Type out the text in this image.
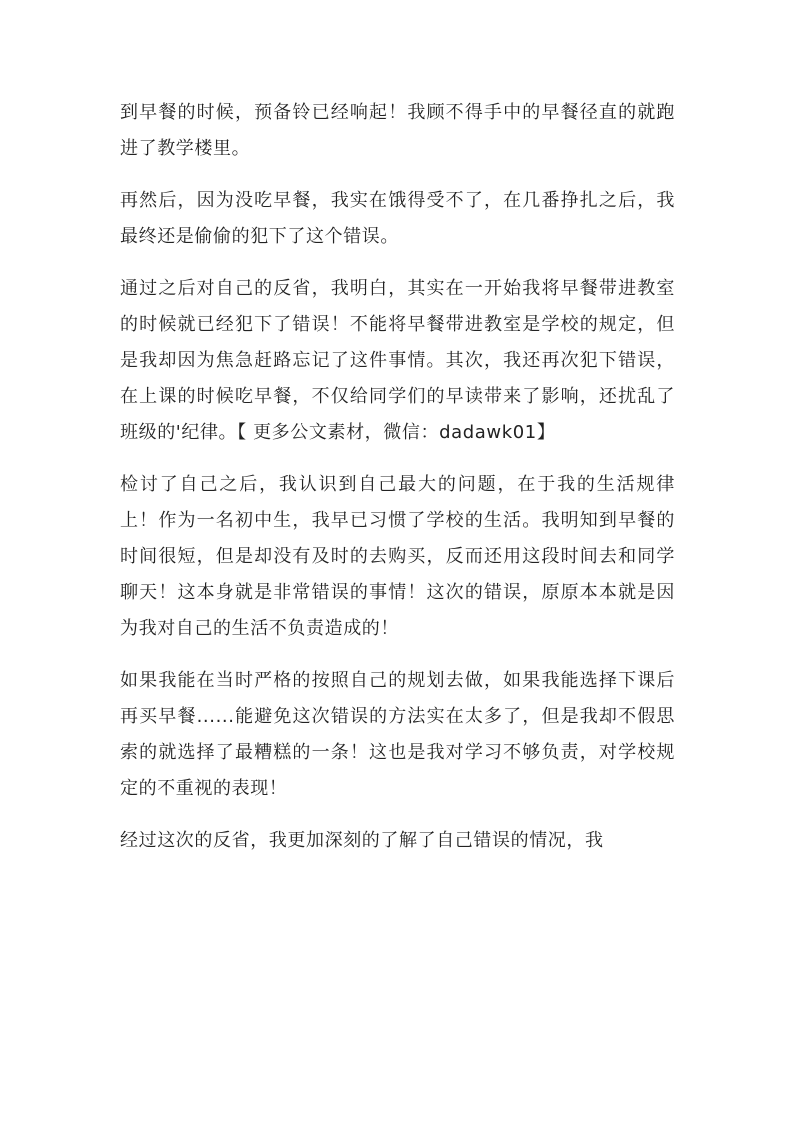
到早餐的时候，预备铃已经响起！我顾不得手中的早餐径直的就跑进了教学楼里。

再然后，因为没吃早餐，我实在饿得受不了，在几番挣扎之后，我最终还是偷偷的犯下了这个错误。

通过之后对自己的反省，我明白，其实在一开始我将早餐带进教室的时候就已经犯下了错误！不能将早餐带进教室是学校的规定，但是我却因为焦急赶路忘记了这件事情。其次，我还再次犯下错误，在上课的时候吃早餐，不仅给同学们的早读带来了影响，还扰乱了班级的'纪律。【 更多公文素材，微信：dadawk01】

检讨了自己之后，我认识到自己最大的问题，在于我的生活规律上！作为一名初中生，我早已习惯了学校的生活。我明知到早餐的时间很短，但是却没有及时的去购买，反而还用这段时间去和同学聊天！这本身就是非常错误的事情！这次的错误，原原本本就是因为我对自己的生活不负责造成的！

如果我能在当时严格的按照自己的规划去做，如果我能选择下课后再买早餐......能避免这次错误的方法实在太多了，但是我却不假思索的就选择了最糟糕的一条！这也是我对学习不够负责，对学校规定的不重视的表现！

经过这次的反省，我更加深刻的了解了自己错误的情况，我
